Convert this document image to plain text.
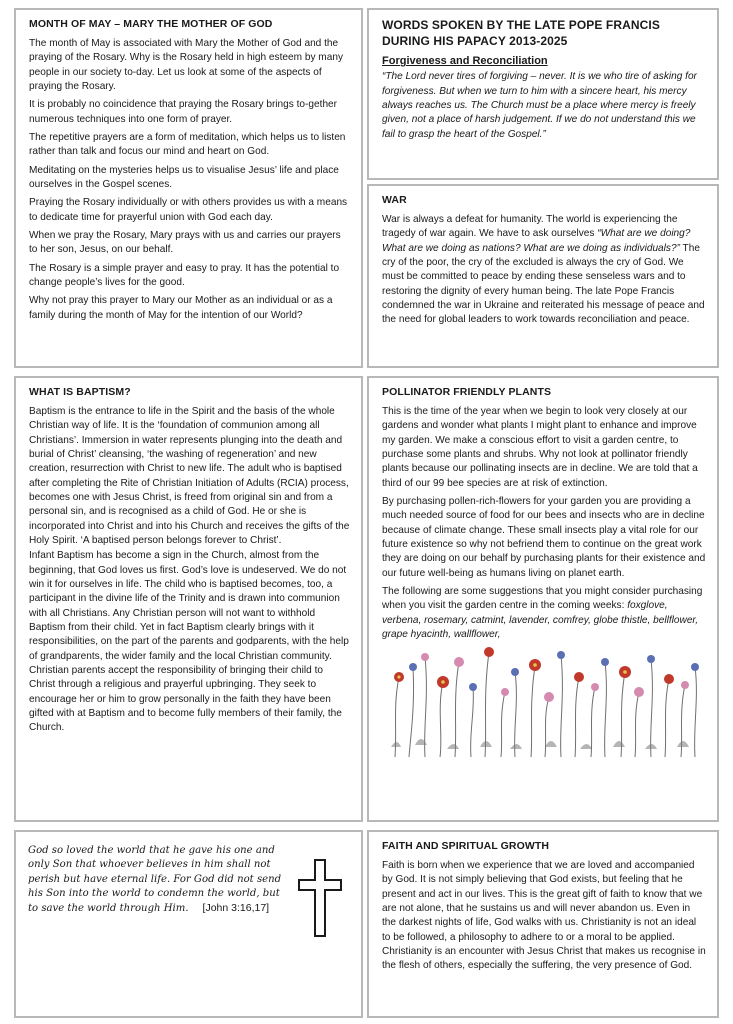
MONTH OF MAY – MARY THE MOTHER OF GOD

The month of May is associated with Mary the Mother of God and the praying of the Rosary. Why is the Rosary held in high esteem by many people in our society to-day. Let us look at some of the aspects of praying the Rosary.

It is probably no coincidence that praying the Rosary brings to-gether numerous techniques into one form of prayer.

The repetitive prayers are a form of meditation, which helps us to listen rather than talk and focus our mind and heart on God.

Meditating on the mysteries helps us to visualise Jesus’ life and place ourselves in the Gospel scenes.

Praying the Rosary individually or with others provides us with a means to dedicate time for prayerful union with God each day.

When we pray the Rosary, Mary prays with us and carries our prayers to her son, Jesus, on our behalf.

The Rosary is a simple prayer and easy to pray. It has the potential to change people’s lives for the good.

Why not pray this prayer to Mary our Mother as an individual or as a family during the month of May for the intention of our World?

WORDS SPOKEN BY THE LATE POPE FRANCIS DURING HIS PAPACY 2013-2025
Forgiveness and Reconciliation

“The Lord never tires of forgiving – never. It is we who tire of asking for forgiveness. But when we turn to him with a sincere heart, his mercy always reaches us. The Church must be a place where mercy is freely given, not a place of harsh judgement. If we do not understand this we fail to grasp the heart of the Gospel.”

WAR

War is always a defeat for humanity. The world is experiencing the tragedy of war again. We have to ask ourselves “What are we doing? What are we doing as nations? What are we doing as individuals?” The cry of the poor, the cry of the excluded is always the cry of God. We must be committed to peace by ending these senseless wars and to restoring the dignity of every human being. The late Pope Francis condemned the war in Ukraine and reiterated his message of peace and the need for global leaders to work towards reconciliation and peace.

WHAT IS BAPTISM?

Baptism is the entrance to life in the Spirit and the basis of the whole Christian way of life. It is the ‘foundation of communion among all Christians’. Immersion in water represents plunging into the death and burial of Christ’ cleansing, ‘the washing of regeneration’ and new creation, resurrection with Christ to new life. The adult who is baptised after completing the Rite of Christian Initiation of Adults (RCIA) process, becomes one with Jesus Christ, is freed from original sin and from a personal sin, and is recognised as a child of God. He or she is incorporated into Christ and into his Church and receives the gifts of the Holy Spirit. ‘A baptised person belongs forever to Christ’.

Infant Baptism has become a sign in the Church, almost from the beginning, that God loves us first. God’s love is undeserved. We do not win it for ourselves in life. The child who is baptised becomes, too, a participant in the divine life of the Trinity and is drawn into communion with all Christians. Any Christian person will not want to withhold Baptism from their child. Yet in fact Baptism clearly brings with it responsibilities, on the part of the parents and godparents, with the help of grandparents, the wider family and the local Christian community. Christian parents accept the responsibility of bringing their child to Christ through a religious and prayerful upbringing. They seek to encourage her or him to grow personally in the faith they have been gifted with at Baptism and to become fully members of their family, the Church.

POLLINATOR FRIENDLY PLANTS

This is the time of the year when we begin to look very closely at our gardens and wonder what plants I might plant to enhance and improve my garden. We make a conscious effort to visit a garden centre, to purchase some plants and shrubs. Why not look at pollinator friendly plants because our pollinating insects are in decline. We are told that a third of our 99 bee species are at risk of extinction.

By purchasing pollen-rich-flowers for your garden you are providing a much needed source of food for our bees and insects who are in decline because of climate change. These small insects play a vital role for our future existence so why not befriend them to continue on the great work they are doing on our behalf by purchasing plants for their existence and our future well-being as humans living on planet earth.

The following are some suggestions that you might consider purchasing when you visit the garden centre in the coming weeks: foxglove, verbena, rosemary, catmint, lavender, comfrey, globe thistle, bellflower, grape hyacinth, wallflower,

God so loved the world that he gave his one and only Son that whoever believes in him shall not perish but have eternal life. For God did not send his Son into the world to condemn the world, but to save the world through Him. [John 3:16,17]

FAITH AND SPIRITUAL GROWTH

Faith is born when we experience that we are loved and accompanied by God. It is not simply believing that God exists, but feeling that he present and act in our lives. This is the great gift of faith to know that we are not alone, that he sustains us and will never abandon us. Even in the darkest nights of life, God walks with us. Christianity is not an ideal to be followed, a philosophy to adhere to or a moral to be applied. Christianity is an encounter with Jesus Christ that makes us recognise in the flesh of others, especially the suffering, the very presence of God.
